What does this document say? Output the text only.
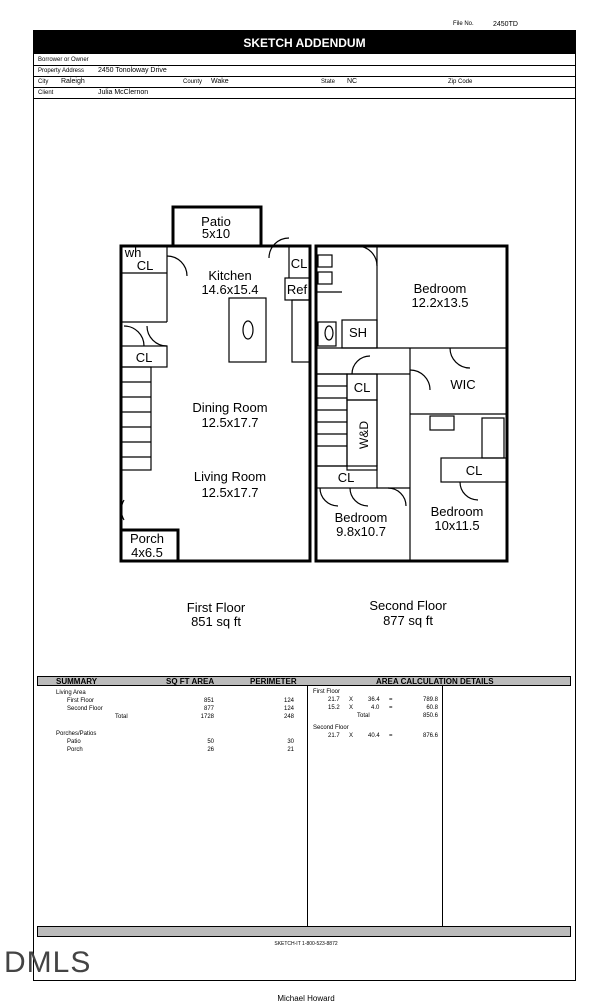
File No.	2450TD
SKETCH ADDENDUM
Borrower or Owner
Property Address 2450 Tonoloway Drive
City Raleigh	County Wake	State NC	Zip Code
Client	Julia McClernon
Patio
5x10
wh
CL	CL
Kitchen
14.6x15.4 Ref
CL
Dining Room
12.5x17.7
Living Room
12.5x17.7
Porch
4x6.5
Bedroom
12.2x13.5
SH
WIC
CL
CL	CL
Bedroom
9.8x10.7
Bedroom
10x11.5
First Floor
851 sq ft
Second Floor
877 sq ft
W&D
SUMMARY	SQ FT AREA	PERIMETER	AREA CALCULATION DETAILS
Living Area
First Floor	851	124
Second Floor	877	124
Total	1728	248
Porches/Patios
Patio	50	30
Porch	26	21
First Floor
21.7 X 36.4 =	789.8
15.2 X	4.0 =	60.8
Total	850.6
Second Floor
21.7 X 40.4 =	876.6
SKETCH-IT 1-800-523-8872
DMLS
Michael Howard
